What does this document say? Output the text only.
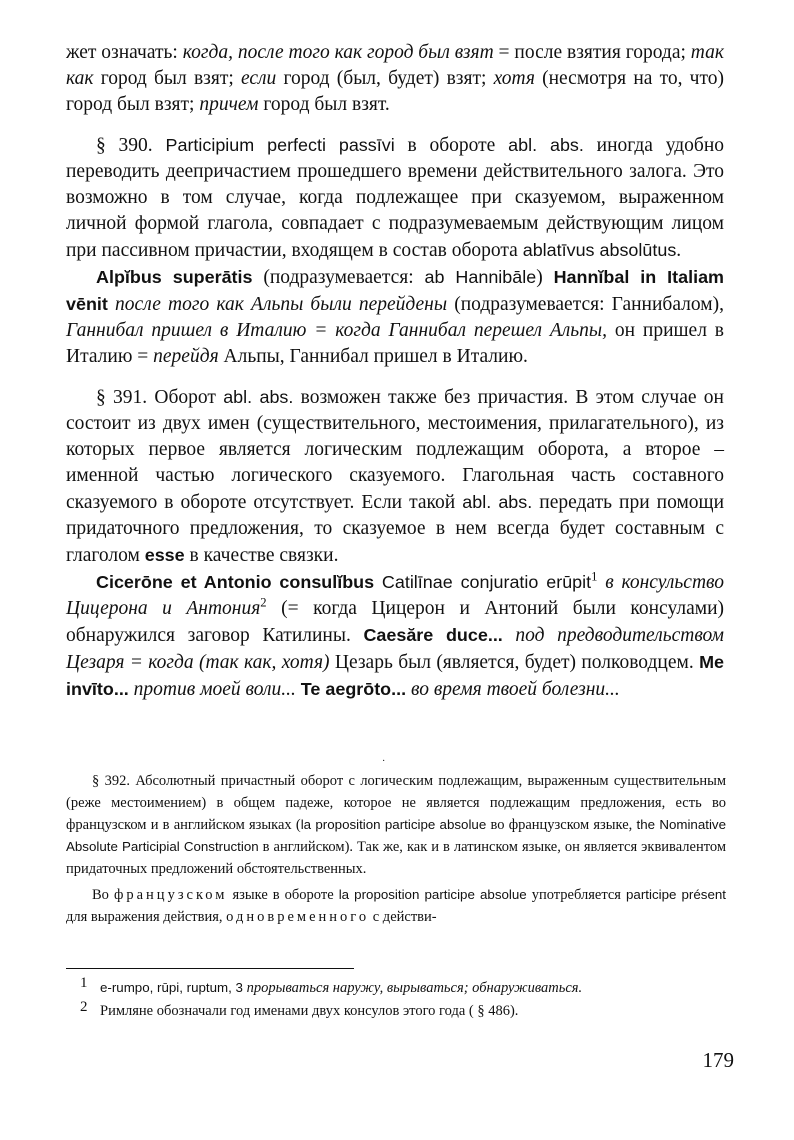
жет означать: когда, после того как город был взят = после взятия города; так как город был взят; если город (был, будет) взят; хотя (несмотря на то, что) город был взят; причем город был взят.

§ 390. Participium perfecti passīvi в обороте abl. abs. иногда удобно переводить деепричастием прошедшего времени действительного залога. Это возможно в том случае, когда подлежащее при сказуемом, выраженном личной формой глагола, совпадает с подразумеваемым действующим лицом при пассивном причастии, входящем в состав оборота ablatīvus absolūtus.

Alpĭbus superātis (подразумевается: ab Hannibāle) Hannĭbal in Italiam vēnit после того как Альпы были перейдены (подразумевается: Ганнибалом), Ганнибал пришел в Италию = когда Ганнибал перешел Альпы, он пришел в Италию = перейдя Альпы, Ганнибал пришел в Италию.

§ 391. Оборот abl. abs. возможен также без причастия. В этом случае он состоит из двух имен (существительного, местоимения, прилагательного), из которых первое является логическим подлежащим оборота, а второе – именной частью логического сказуемого. Глагольная часть составного сказуемого в обороте отсутствует. Если такой abl. abs. передать при помощи придаточного предложения, то сказуемое в нем всегда будет составным с глаголом esse в качестве связки.

Cicerōne et Antonio consulĭbus Catilīnae conjuratio erūpit$^1$ в консульство Цицерона и Антония$^2$ (= когда Цицерон и Антоний были консулами) обнаружился заговор Катилины. Caesăre duce... под предводительством Цезаря = когда (так как, хотя) Цезарь был (является, будет) полководцем. Me invīto... против моей воли... Te aegrōto... во время твоей болезни...

·

§ 392. Абсолютный причастный оборот с логическим подлежащим, выраженным существительным (реже местоимением) в общем падеже, которое не является подлежащим предложения, есть во французском и в английском языках (la proposition participe absolue во французском языке, the Nominative Absolute Participial Construction в английском). Так же, как и в латинском языке, он является эквивалентом придаточных предложений обстоятельственных.

Во французском языке в обороте la proposition participe absolue употребляется participe présent для выражения действия, одновременного с действи-

1 e-rumpo, rūpi, ruptum, 3 прорываться наружу, вырываться; обнаруживаться.

2 Римляне обозначали год именами двух консулов этого года ( § 486).

179
